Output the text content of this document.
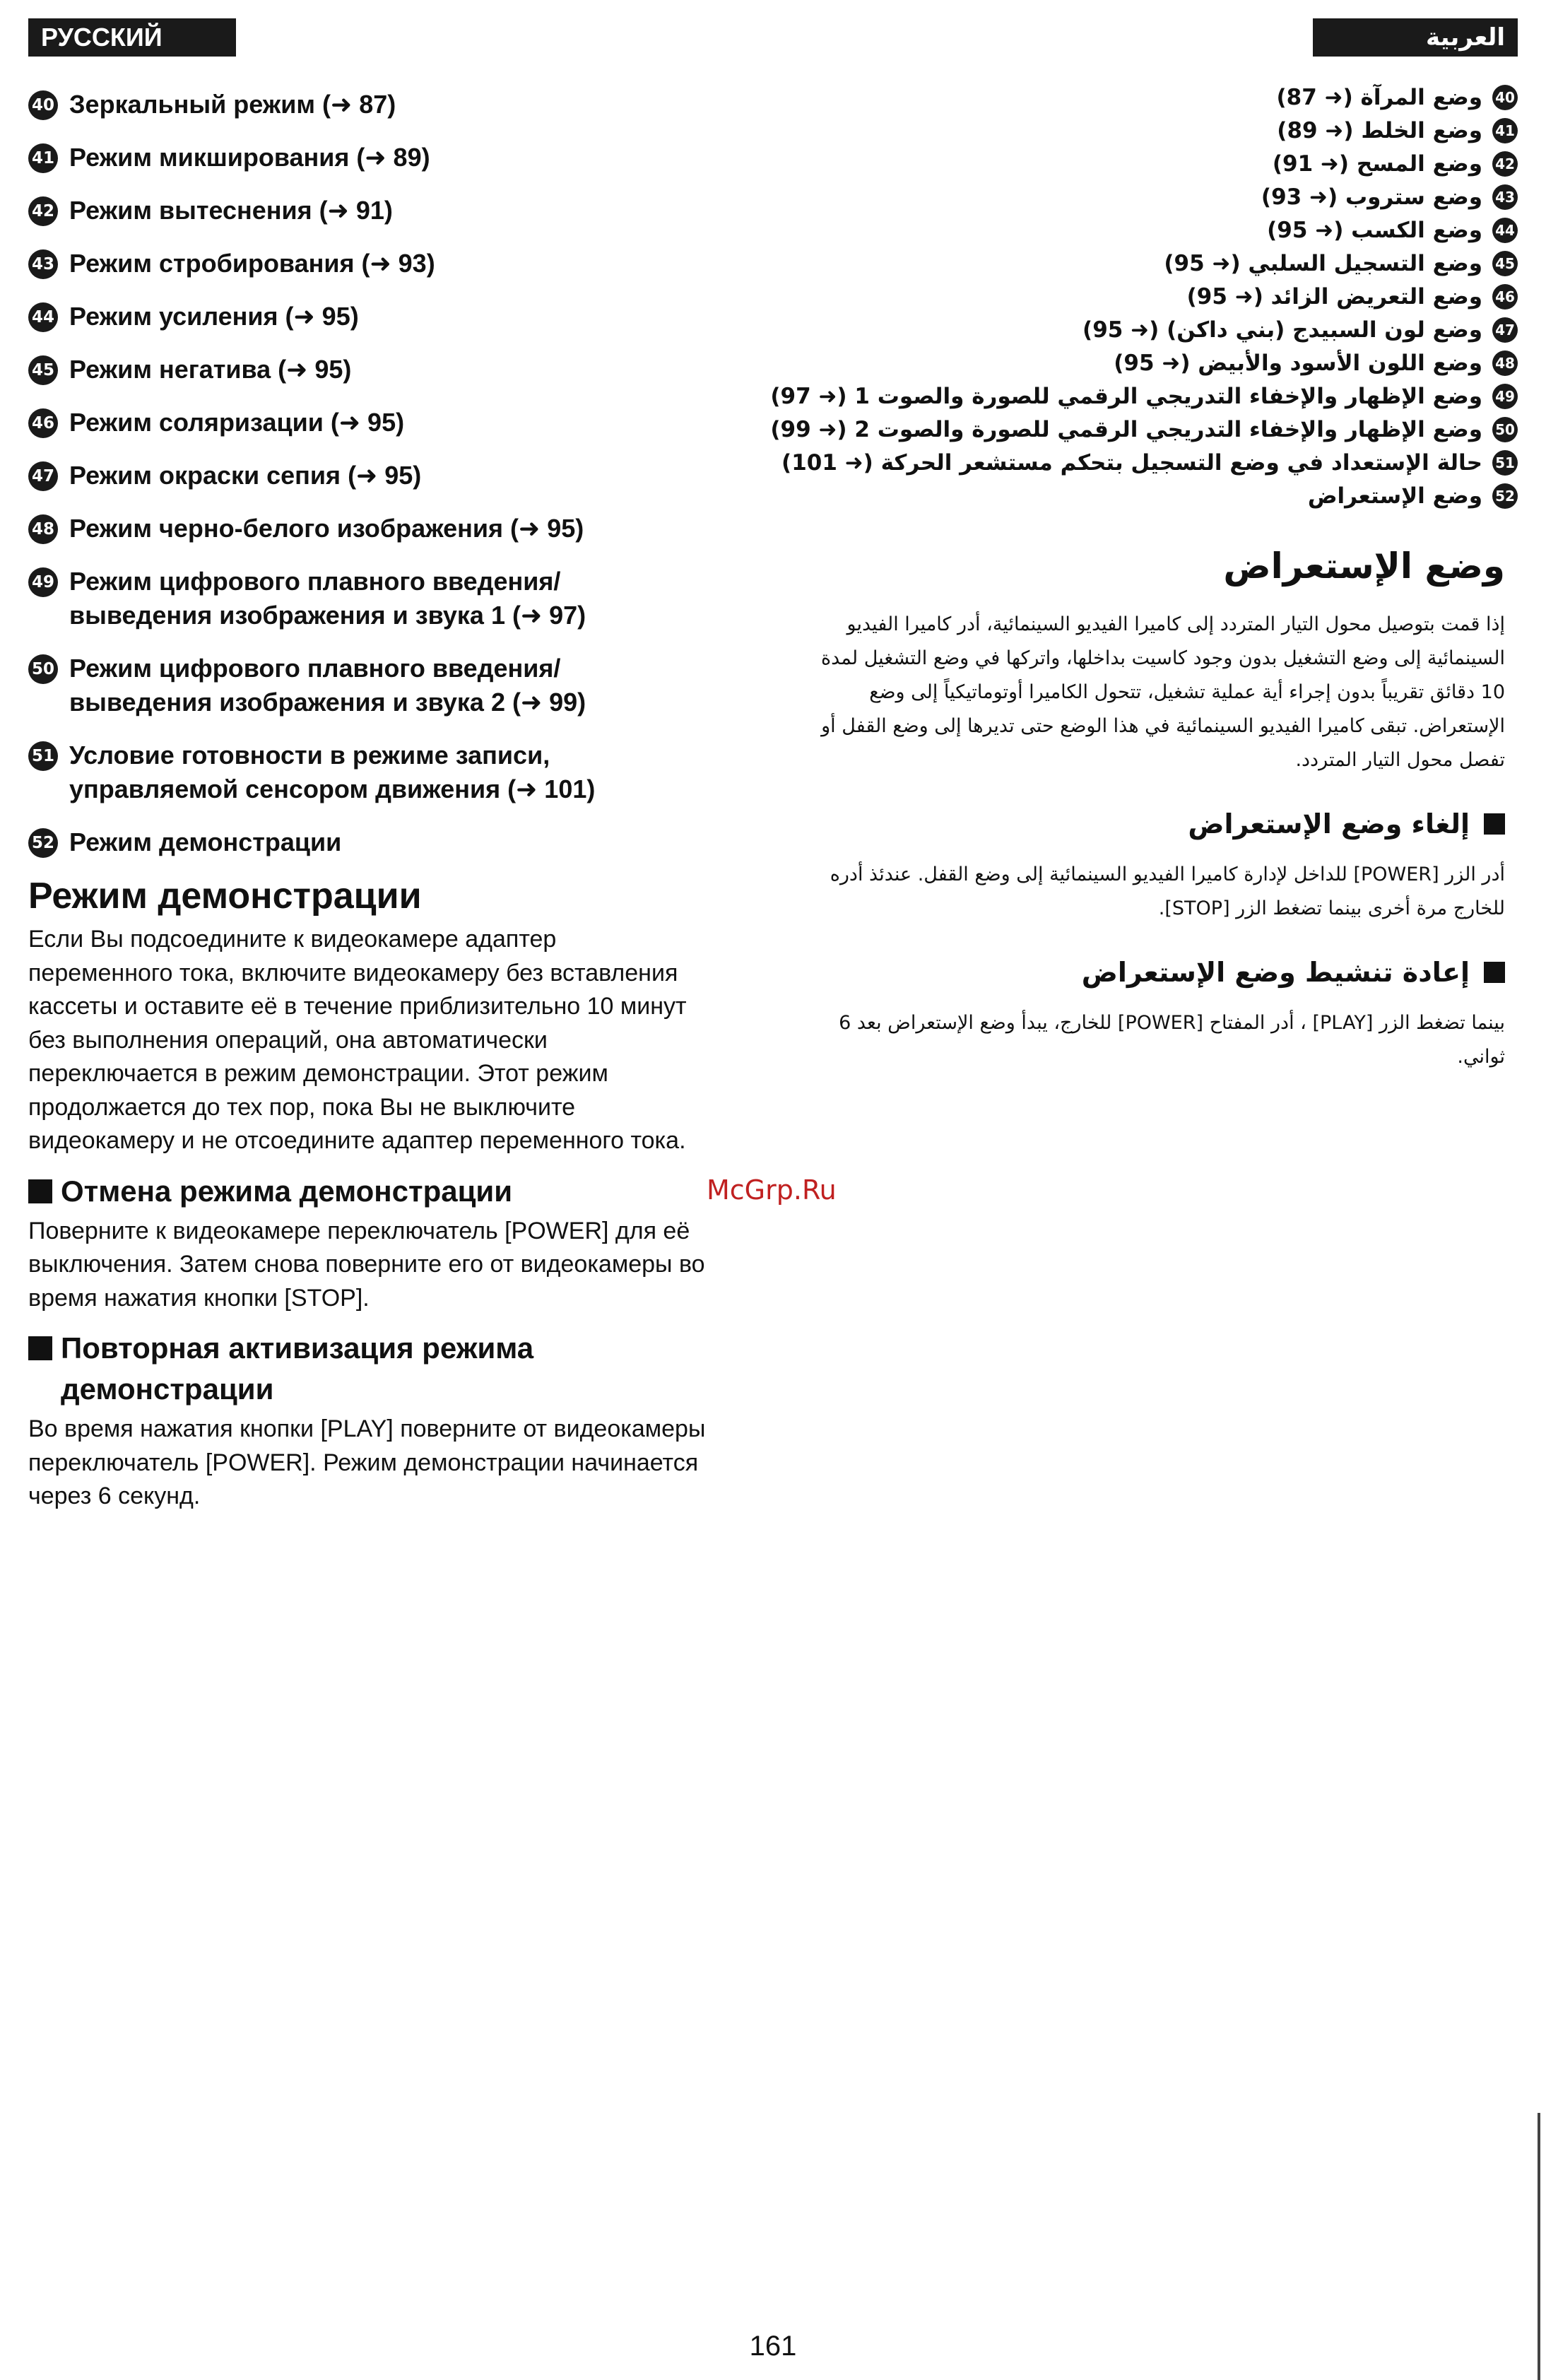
РУССКИЙ ЯЗЫК
العربية
40 Зеркальный режим (➜ 87)
41 Режим микширования (➜ 89)
42 Режим вытеснения (➜ 91)
43 Режим стробирования (➜ 93)
44 Режим усиления (➜ 95)
45 Режим негатива (➜ 95)
46 Режим соляризации (➜ 95)
47 Режим окраски сепия (➜ 95)
48 Режим черно-белого изображения (➜ 95)
49 Режим цифрового плавного введения/
выведения изображения и звука 1 (➜ 97)
50 Режим цифрового плавного введения/
выведения изображения и звука 2 (➜ 99)
51 Условие готовности в режиме записи,
управляемой сенсором движения (➜ 101)
52 Режим демонстрации
Режим демонстрации

Если Вы подсоедините к видеокамере адаптер переменного тока, включите видеокамеру без вставления кассеты и оставите её в течение приблизительно 10 минут без выполнения операций, она автоматически переключается в режим демонстрации. Этот режим продолжается до тех пор, пока Вы не выключите видеокамеру и не отсоедините адаптер переменного тока.

Отмена режима демонстрации

Поверните к видеокамере переключатель [POWER] для её выключения. Затем снова поверните его от видеокамеры во время нажатия кнопки [STOP].

Повторная активизация режима
демонстрации

Во время нажатия кнопки [PLAY] поверните от видеокамеры переключатель [POWER]. Режим демонстрации начинается через 6 секунд.

40
وضع المرآة (➜ 87)
41
وضع الخلط (➜ 89)
42
وضع المسح (➜ 91)
43
وضع ستروب (➜ 93)
44
وضع الكسب (➜ 95)
45
وضع التسجيل السلبي (➜ 95)
46
وضع التعريض الزائد (➜ 95)
47
وضع لون السبيدج (بني داكن) (➜ 95)
48
وضع اللون الأسود والأبيض (➜ 95)
49
وضع الإظهار والإخفاء التدريجي الرقمي للصورة والصوت 1 (➜ 97)
50
وضع الإظهار والإخفاء التدريجي الرقمي للصورة والصوت 2 (➜ 99)
51
حالة الإستعداد في وضع التسجيل بتحكم مستشعر الحركة (➜ 101)
52
وضع الإستعراض
وضع الإستعراض

إذا قمت بتوصيل محول التيار المتردد إلى كاميرا الفيديو السينمائية، أدر كاميرا الفيديو السينمائية إلى وضع التشغيل بدون وجود كاسيت بداخلها، واتركها في وضع التشغيل لمدة 10 دقائق تقريباً بدون إجراء أية عملية تشغيل، تتحول الكاميرا أوتوماتيكياً إلى وضع الإستعراض. تبقى كاميرا الفيديو السينمائية في هذا الوضع حتى تديرها إلى وضع القفل أو تفصل محول التيار المتردد.

إلغاء وضع الإستعراض

أدر الزر [POWER] للداخل لإدارة كاميرا الفيديو السينمائية إلى وضع القفل. عندئذ أدره للخارج مرة أخرى بينما تضغط الزر [STOP].

إعادة تنشيط وضع الإستعراض

بينما تضغط الزر [PLAY] ، أدر المفتاح [POWER] للخارج، يبدأ وضع الإستعراض بعد 6 ثواني.

McGrp.Ru
161
